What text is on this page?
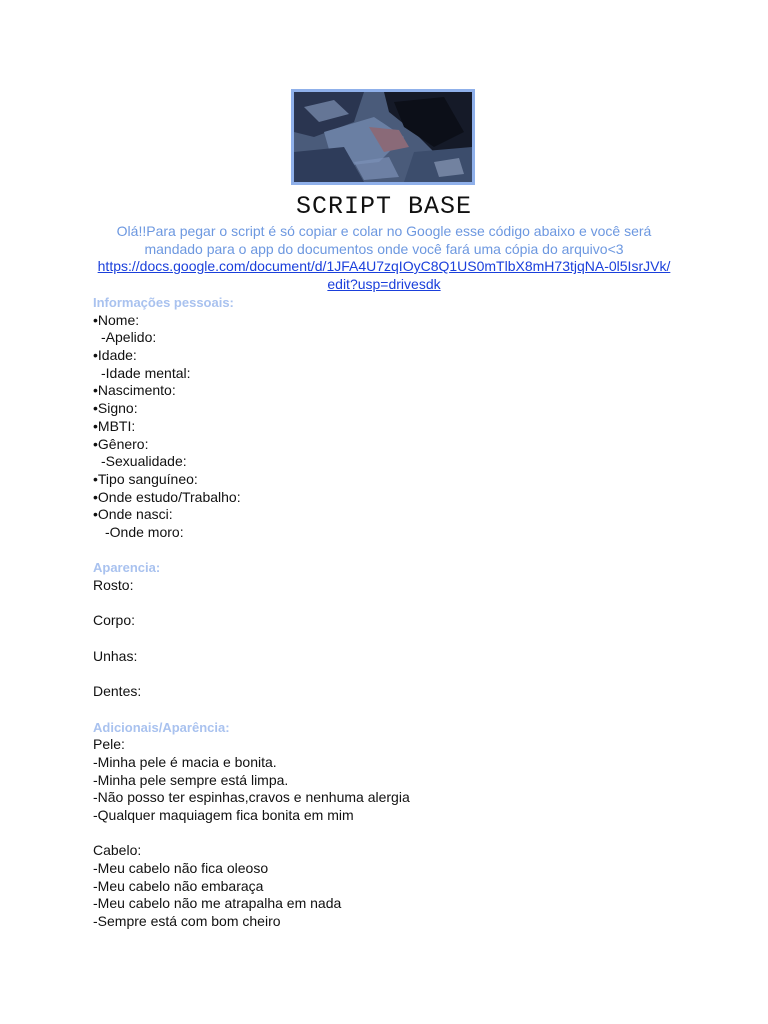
SCRIPT BASE
Olá!!Para pegar o script é só copiar e colar no Google esse código abaixo e você será mandado para o app do documentos onde você fará uma cópia do arquivo<3
https://docs.google.com/document/d/1JFA4U7zqIOyC8Q1US0mTlbX8mH73tjqNA-0l5IsrJVk/
edit?usp=drivesdk
Informações pessoais:
•Nome:
-Apelido:
•Idade:
-Idade mental:
•Nascimento:
•Signo:
•MBTI:
•Gênero:
-Sexualidade:
•Tipo sanguíneo:
•Onde estudo/Trabalho:
•Onde nasci:
-Onde moro:
Aparencia:
Rosto:
Corpo:
Unhas:
Dentes:
Adicionais/Aparência:
Pele:
-Minha pele é macia e bonita.
-Minha pele sempre está limpa.
-Não posso ter espinhas,cravos e nenhuma alergia
-Qualquer maquiagem fica bonita em mim
Cabelo:
-Meu cabelo não fica oleoso
-Meu cabelo não embaraça
-Meu cabelo não me atrapalha em nada
-Sempre está com bom cheiro
